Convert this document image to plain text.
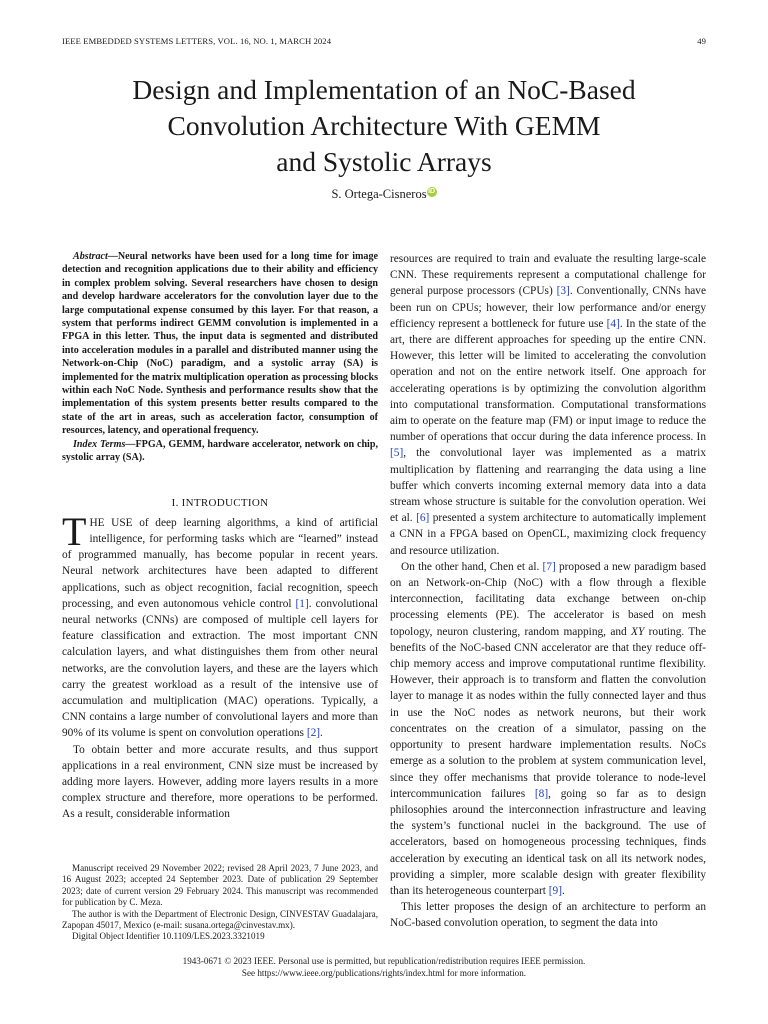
IEEE EMBEDDED SYSTEMS LETTERS, VOL. 16, NO. 1, MARCH 2024	49
Design and Implementation of an NoC-Based
Convolution Architecture With GEMM
and Systolic Arrays
S. Ortega-Cisneros iD

Abstract—Neural networks have been used for a long time for image detection and recognition applications due to their ability and efficiency in complex problem solving. Several researchers have chosen to design and develop hardware accelerators for the convolution layer due to the large computational expense consumed by this layer. For that reason, a system that performs indirect GEMM convolution is implemented in a FPGA in this letter. Thus, the input data is segmented and distributed into acceleration modules in a parallel and distributed manner using the Network-on-Chip (NoC) paradigm, and a systolic array (SA) is implemented for the matrix multiplication operation as processing blocks within each NoC Node. Synthesis and performance results show that the implementation of this system presents better results compared to the state of the art in areas, such as acceleration factor, consumption of resources, latency, and operational frequency.

Index Terms—FPGA, GEMM, hardware accelerator, network on chip, systolic array (SA).

I. INTRODUCTION

THE USE of deep learning algorithms, a kind of artificial intelligence, for performing tasks which are “learned” instead of programmed manually, has become popular in recent years. Neural network architectures have been adapted to different applications, such as object recognition, facial recognition, speech processing, and even autonomous vehicle control [1]. convolutional neural networks (CNNs) are composed of multiple cell layers for feature classification and extraction. The most important CNN calculation layers, and what distinguishes them from other neural networks, are the convolution layers, and these are the layers which carry the greatest workload as a result of the intensive use of accumulation and multiplication (MAC) operations. Typically, a CNN contains a large number of convolutional layers and more than 90% of its volume is spent on convolution operations [2].

To obtain better and more accurate results, and thus support applications in a real environment, CNN size must be increased by adding more layers. However, adding more layers results in a more complex structure and therefore, more operations to be performed. As a result, considerable information

resources are required to train and evaluate the resulting large-scale CNN. These requirements represent a computational challenge for general purpose processors (CPUs) [3]. Conventionally, CNNs have been run on CPUs; however, their low performance and/or energy efficiency represent a bottleneck for future use [4]. In the state of the art, there are different approaches for speeding up the entire CNN. However, this letter will be limited to accelerating the convolution operation and not on the entire network itself. One approach for accelerating operations is by optimizing the convolution algorithm into computational transformation. Computational transformations aim to operate on the feature map (FM) or input image to reduce the number of operations that occur during the data inference process. In [5], the convolutional layer was implemented as a matrix multiplication by flattening and rearranging the data using a line buffer which converts incoming external memory data into a data stream whose structure is suitable for the convolution operation. Wei et al. [6] presented a system architecture to automatically implement a CNN in a FPGA based on OpenCL, maximizing clock frequency and resource utilization.

On the other hand, Chen et al. [7] proposed a new paradigm based on an Network-on-Chip (NoC) with a flow through a flexible interconnection, facilitating data exchange between on-chip processing elements (PE). The accelerator is based on mesh topology, neuron clustering, random mapping, and XY routing. The benefits of the NoC-based CNN accelerator are that they reduce off-chip memory access and improve computational runtime flexibility. However, their approach is to transform and flatten the convolution layer to manage it as nodes within the fully connected layer and thus in use the NoC nodes as network neurons, but their work concentrates on the creation of a simulator, passing on the opportunity to present hardware implementation results. NoCs emerge as a solution to the problem at system communication level, since they offer mechanisms that provide tolerance to node-level intercommunication failures [8], going so far as to design philosophies around the interconnection infrastructure and leaving the system’s functional nuclei in the background. The use of accelerators, based on homogeneous processing techniques, finds acceleration by executing an identical task on all its network nodes, providing a simpler, more scalable design with greater flexibility than its heterogeneous counterpart [9].

This letter proposes the design of an architecture to perform an NoC-based convolution operation, to segment the data into

Manuscript received 29 November 2022; revised 28 April 2023, 7 June 2023, and 16 August 2023; accepted 24 September 2023. Date of publication 29 September 2023; date of current version 29 February 2024. This manuscript was recommended for publication by C. Meza.

The author is with the Department of Electronic Design, CINVESTAV Guadalajara, Zapopan 45017, Mexico (e-mail: susana.ortega@cinvestav.mx).

Digital Object Identifier 10.1109/LES.2023.3321019

1943-0671 © 2023 IEEE. Personal use is permitted, but republication/redistribution requires IEEE permission.
See https://www.ieee.org/publications/rights/index.html for more information.
